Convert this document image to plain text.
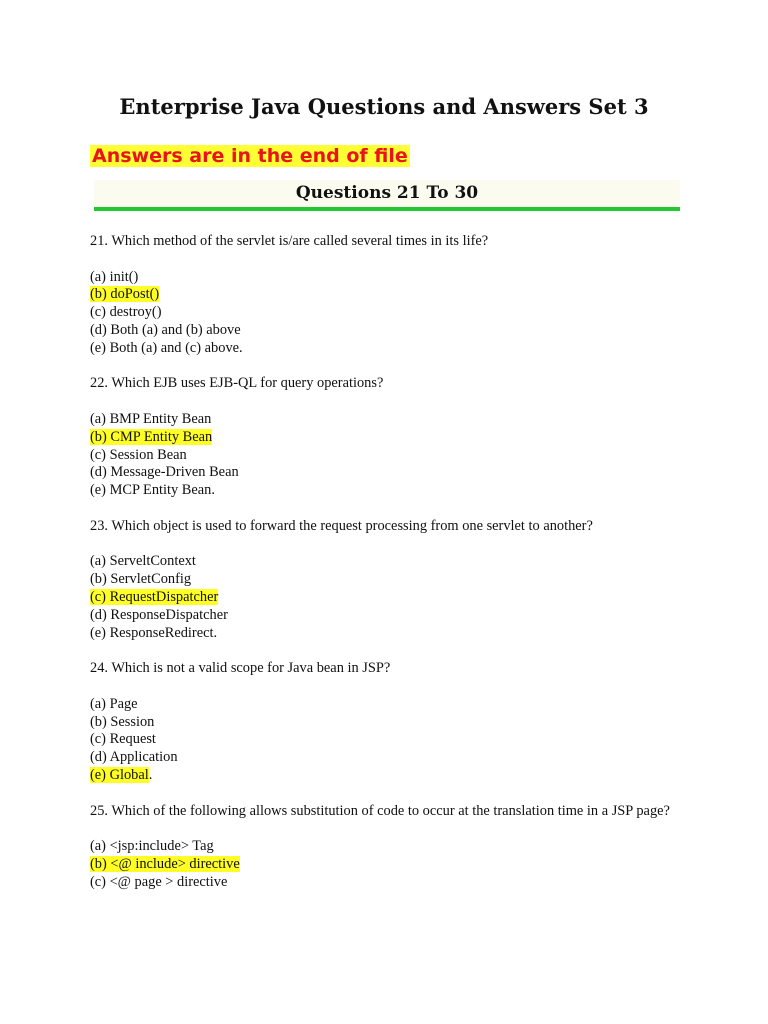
Enterprise Java Questions and Answers Set 3
Answers are in the end of file
Questions 21 To 30
21. Which method of the servlet is/are called several times in its life?
(a) init()
(b) doPost()
(c) destroy()
(d) Both (a) and (b) above
(e) Both (a) and (c) above.
22. Which EJB uses EJB-QL for query operations?
(a) BMP Entity Bean
(b) CMP Entity Bean
(c) Session Bean
(d) Message-Driven Bean
(e) MCP Entity Bean.
23. Which object is used to forward the request processing from one servlet to another?
(a) ServeltContext
(b) ServletConfig
(c) RequestDispatcher
(d) ResponseDispatcher
(e) ResponseRedirect.
24. Which is not a valid scope for Java bean in JSP?
(a) Page
(b) Session
(c) Request
(d) Application
(e) Global.
25. Which of the following allows substitution of code to occur at the translation time in a JSP page?
(a) <jsp:include> Tag
(b) <@ include> directive
(c) <@ page > directive
